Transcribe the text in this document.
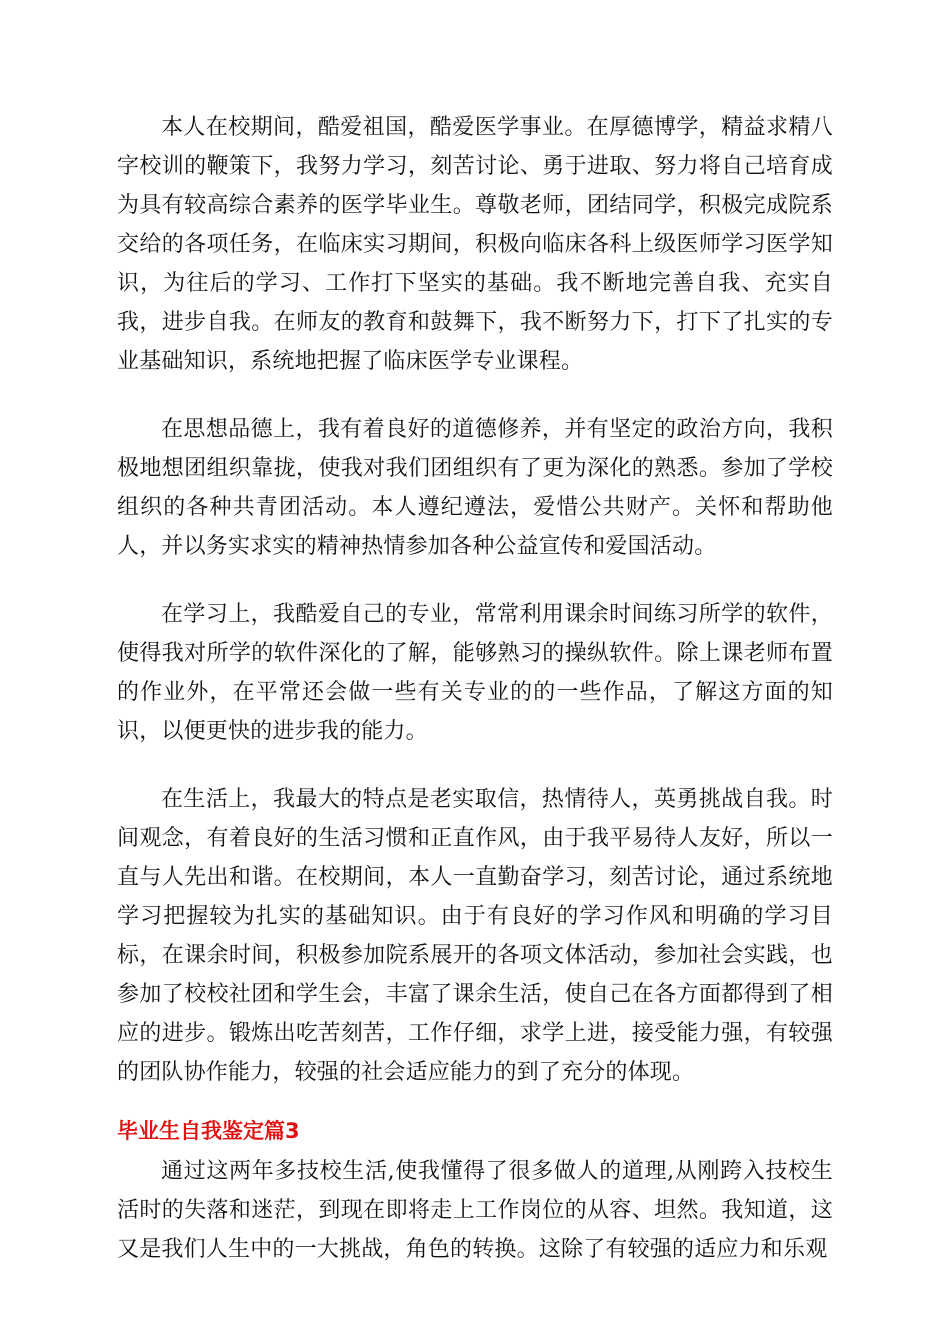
本人在校期间，酷爱祖国，酷爱医学事业。在厚德博学，精益求精八字校训的鞭策下，我努力学习，刻苦讨论、勇于进取、努力将自己培育成为具有较高综合素养的医学毕业生。尊敬老师，团结同学，积极完成院系交给的各项任务，在临床实习期间，积极向临床各科上级医师学习医学知识，为往后的学习、工作打下坚实的基础。我不断地完善自我、充实自我，进步自我。在师友的教育和鼓舞下，我不断努力下，打下了扎实的专业基础知识，系统地把握了临床医学专业课程。

在思想品德上，我有着良好的道德修养，并有坚定的政治方向，我积极地想团组织靠拢，使我对我们团组织有了更为深化的熟悉。参加了学校组织的各种共青团活动。本人遵纪遵法，爱惜公共财产。关怀和帮助他人，并以务实求实的精神热情参加各种公益宣传和爱国活动。

在学习上，我酷爱自己的专业，常常利用课余时间练习所学的软件，使得我对所学的软件深化的了解，能够熟习的操纵软件。除上课老师布置的作业外，在平常还会做一些有关专业的的一些作品，了解这方面的知识，以便更快的进步我的能力。

在生活上，我最大的特点是老实取信，热情待人，英勇挑战自我。时间观念，有着良好的生活习惯和正直作风，由于我平易待人友好，所以一直与人先出和谐。在校期间，本人一直勤奋学习，刻苦讨论，通过系统地学习把握较为扎实的基础知识。由于有良好的学习作风和明确的学习目标，在课余时间，积极参加院系展开的各项文体活动，参加社会实践，也参加了校校社团和学生会，丰富了课余生活，使自己在各方面都得到了相应的进步。锻炼出吃苦刻苦，工作仔细，求学上进，接受能力强，有较强的团队协作能力，较强的社会适应能力的到了充分的体现。

毕业生自我鉴定篇3

通过这两年多技校生活,使我懂得了很多做人的道理,从刚跨入技校生活时的失落和迷茫，到现在即将走上工作岗位的从容、坦然。我知道，这又是我们人生中的一大挑战，角色的转换。这除了有较强的适应力和乐观
